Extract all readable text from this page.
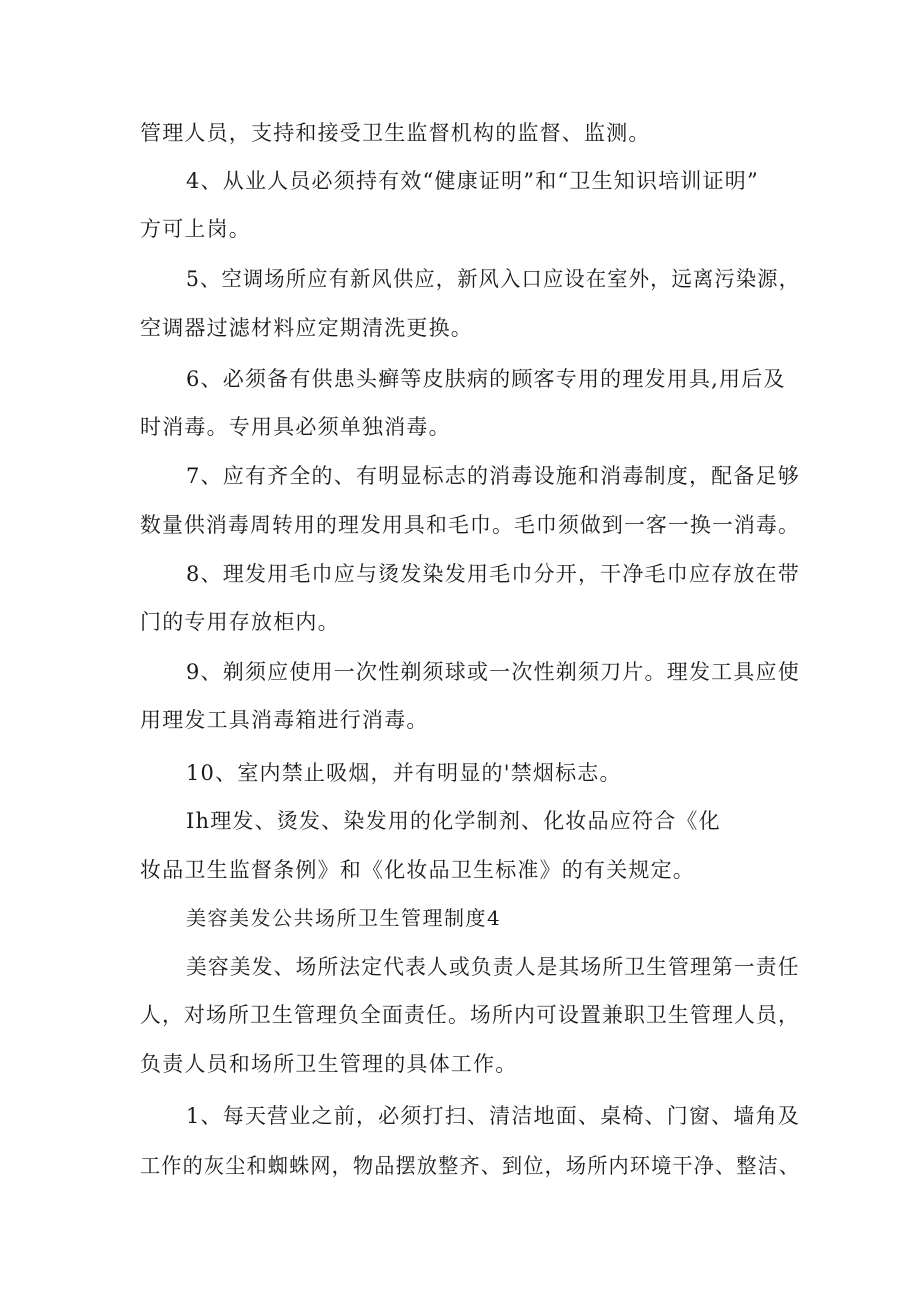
管理人员，支持和接受卫生监督机构的监督、监测。
4、从业人员必须持有效“健康证明”和“卫生知识培训证明”
方可上岗。
5、空调场所应有新风供应，新风入口应设在室外，远离污染源，
空调器过滤材料应定期清洗更换。
6、必须备有供患头癣等皮肤病的顾客专用的理发用具,用后及
时消毒。专用具必须单独消毒。
7、应有齐全的、有明显标志的消毒设施和消毒制度，配备足够
数量供消毒周转用的理发用具和毛巾。毛巾须做到一客一换一消毒。
8、理发用毛巾应与烫发染发用毛巾分开，干净毛巾应存放在带
门的专用存放柜内。
9、剃须应使用一次性剃须球或一次性剃须刀片。理发工具应使
用理发工具消毒箱进行消毒。
10、室内禁止吸烟，并有明显的'禁烟标志。
Ih理发、烫发、染发用的化学制剂、化妆品应符合《化
妆品卫生监督条例》和《化妆品卫生标准》的有关规定。
美容美发公共场所卫生管理制度4
美容美发、场所法定代表人或负责人是其场所卫生管理第一责任
人，对场所卫生管理负全面责任。场所内可设置兼职卫生管理人员，
负责人员和场所卫生管理的具体工作。
1、每天营业之前，必须打扫、清洁地面、桌椅、门窗、墙角及
工作的灰尘和蜘蛛网，物品摆放整齐、到位，场所内环境干净、整洁、
